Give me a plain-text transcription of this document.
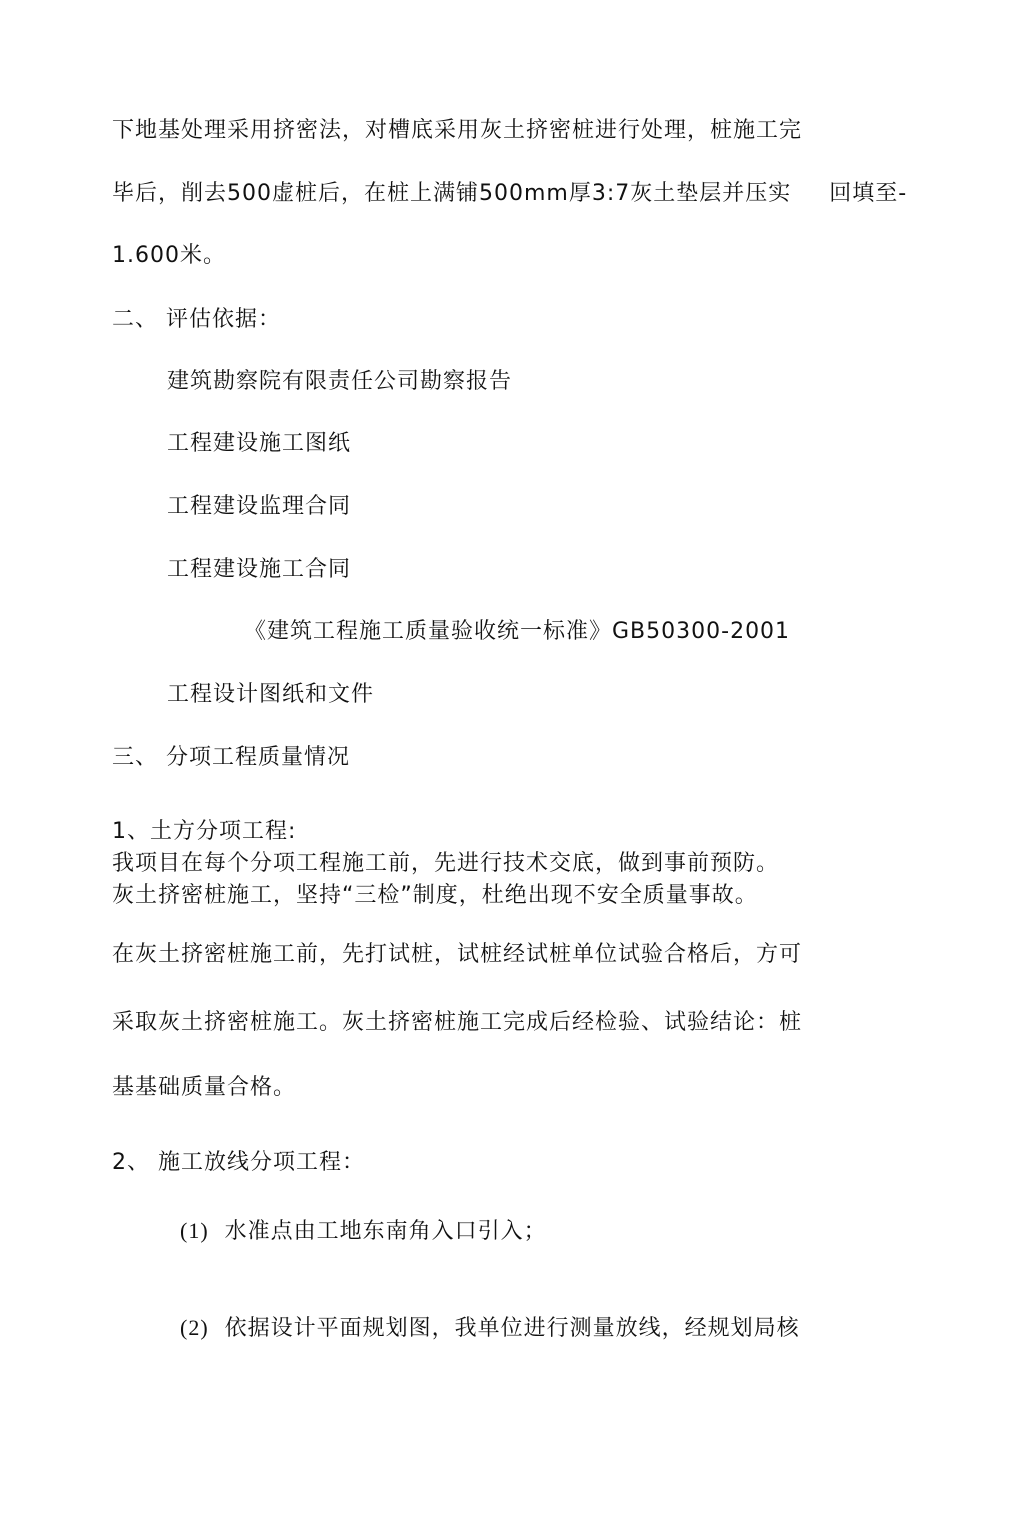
下地基处理采用挤密法，对槽底采用灰土挤密桩进行处理，桩施工完
毕后，削去500虚桩后，在桩上满铺500mm厚3:7灰土垫层并压实 回填至-
1.600米。
二、 评估依据：
建筑勘察院有限责任公司勘察报告
工程建设施工图纸
工程建设监理合同
工程建设施工合同
《建筑工程施工质量验收统一标准》GB50300-2001
工程设计图纸和文件
三、 分项工程质量情况
1、土方分项工程:
我项目在每个分项工程施工前，先进行技术交底，做到事前预防。
灰土挤密桩施工，坚持“三检”制度，杜绝出现不安全质量事故。
在灰土挤密桩施工前，先打试桩，试桩经试桩单位试验合格后，方可
采取灰土挤密桩施工。灰土挤密桩施工完成后经检验、试验结论：桩
基基础质量合格。
2、 施工放线分项工程：
(1) 水准点由工地东南角入口引入；
(2) 依据设计平面规划图，我单位进行测量放线，经规划局核
